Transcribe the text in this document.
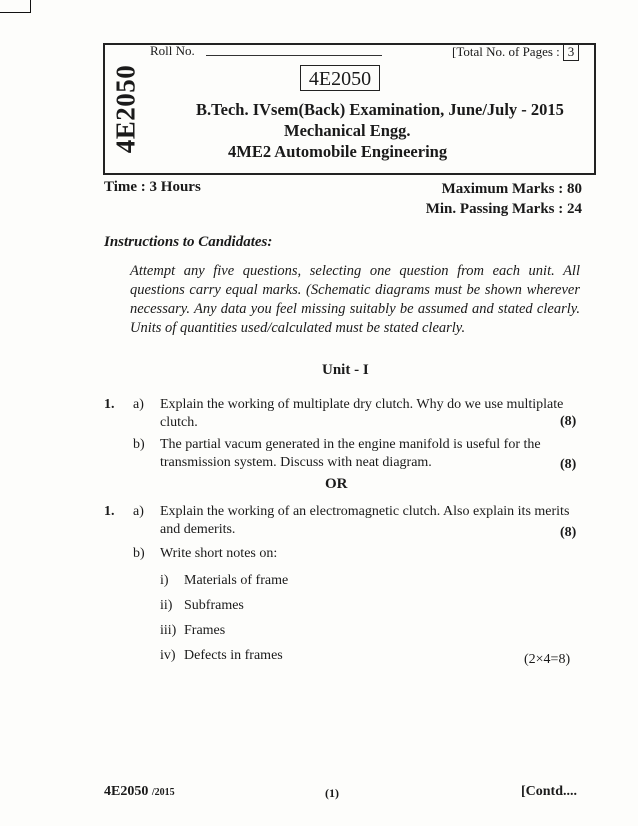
4E2050
Roll No.	[Total No. of Pages : 3
4E2050
B.Tech. IVsem(Back) Examination, June/July - 2015
Mechanical Engg.
4ME2 Automobile Engineering
Time : 3 Hours	Maximum Marks : 80
Min. Passing Marks : 24
Instructions to Candidates:
Attempt any five questions, selecting one question from each unit. All questions carry equal marks. (Schematic diagrams must be shown wherever necessary. Any data you feel missing suitably be assumed and stated clearly. Units of quantities used/calculated must be stated clearly.
Unit - I
1. a) Explain the working of multiplate dry clutch. Why do we use multiplate clutch.	(8)
b) The partial vacum generated in the engine manifold is useful for the transmission system. Discuss with neat diagram.	(8)
OR
1. a) Explain the working of an electromagnetic clutch. Also explain its merits and demerits.	(8)
b) Write short notes on:
i) Materials of frame
ii) Subframes
iii) Frames
iv) Defects in frames	(2×4=8)
4E2050 /2015	(1)	[Contd....
